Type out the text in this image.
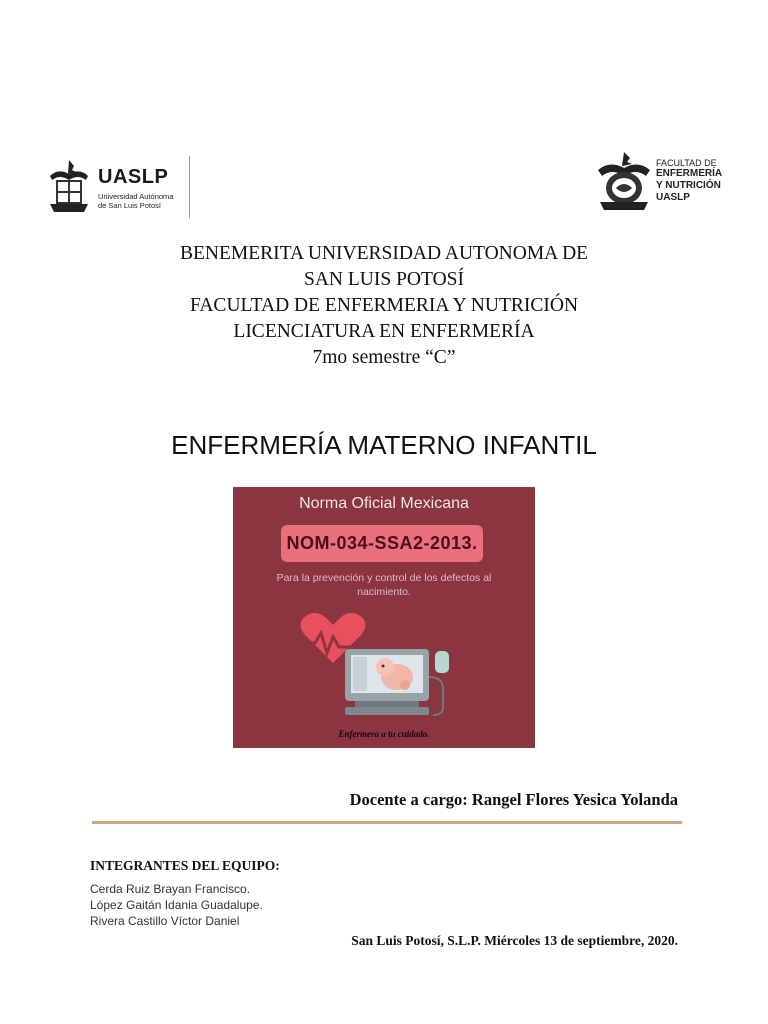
UASLP
Universidad Autónoma
de San Luis Potosí
FACULTAD DE
ENFERMERÍA
Y NUTRICIÓN
UASLP
BENEMERITA UNIVERSIDAD AUTONOMA DE
SAN LUIS POTOSÍ
FACULTAD DE ENFERMERIA Y NUTRICIÓN
LICENCIATURA EN ENFERMERÍA
7mo semestre “C”
ENFERMERÍA MATERNO INFANTIL
Norma Oficial Mexicana
NOM-034-SSA2-2013.
Para la prevención y control de los defectos al nacimiento.
Enfermera a tu cuidado.
Docente a cargo: Rangel Flores Yesica Yolanda
INTEGRANTES DEL EQUIPO:
Cerda Ruiz Brayan Francisco.
López Gaitán Idania Guadalupe.
Rivera Castillo Víctor Daniel
San Luis Potosí, S.L.P. Miércoles 13 de septiembre, 2020.
